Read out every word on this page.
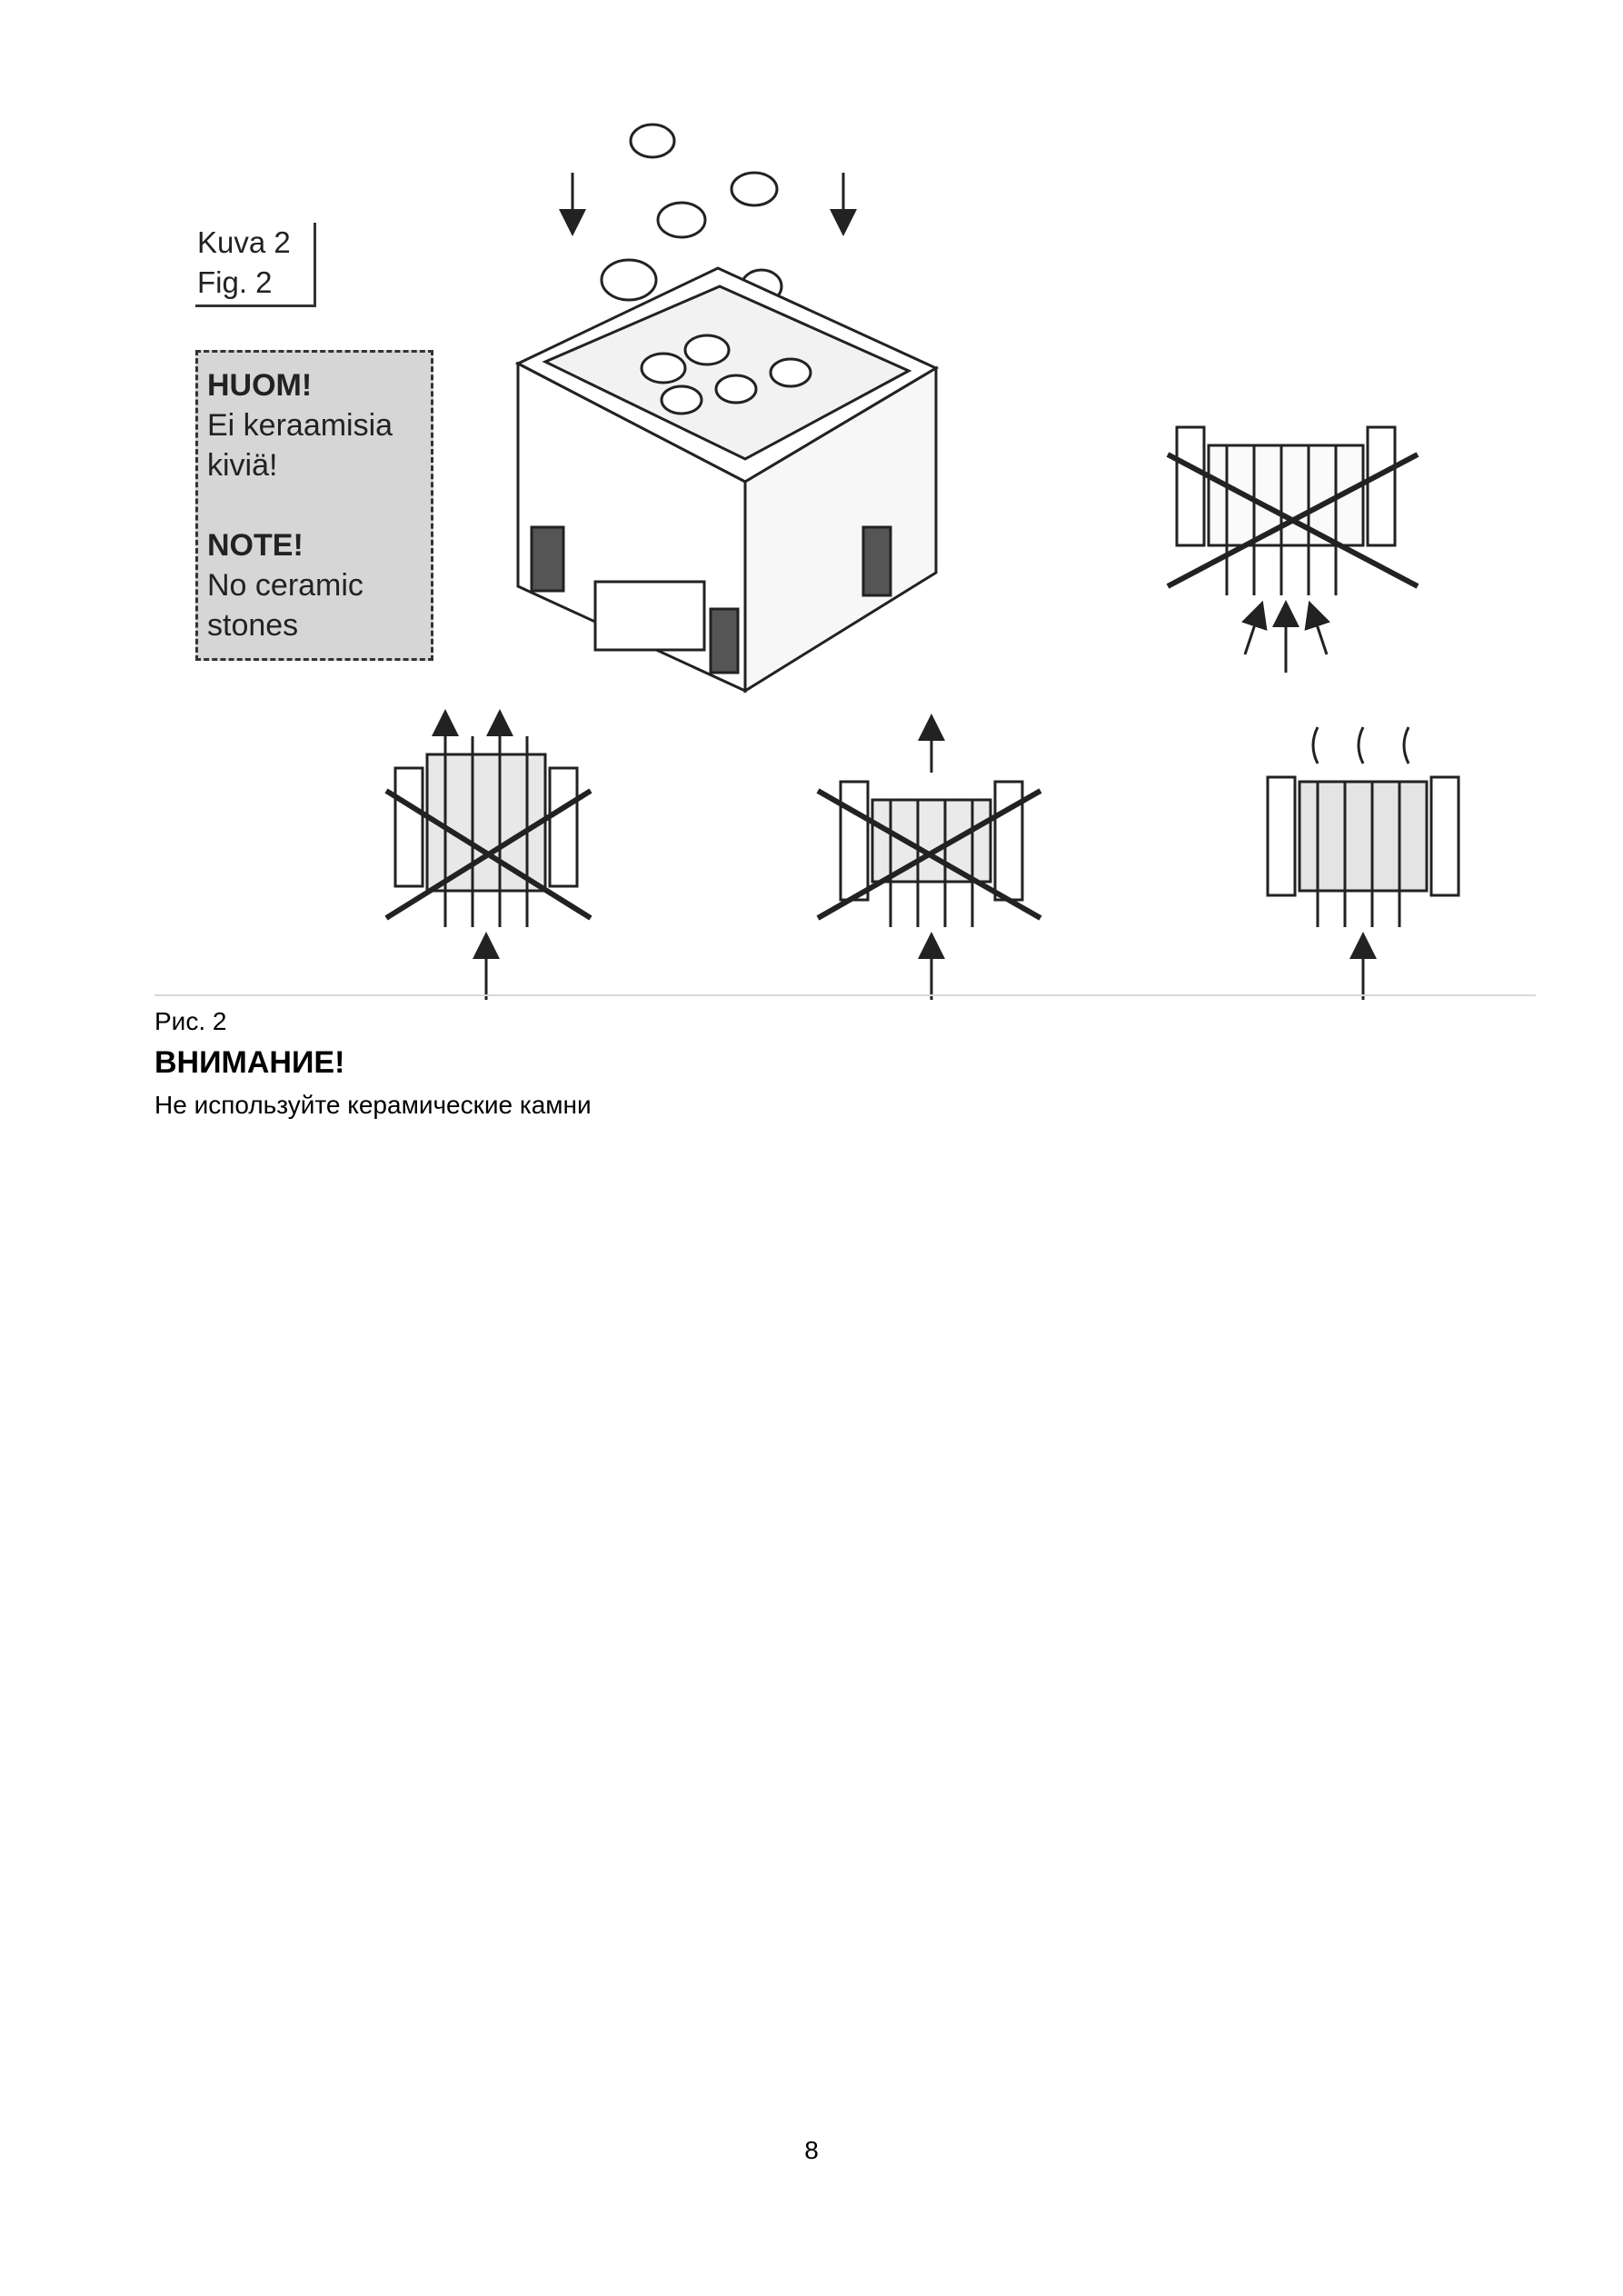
Kuva 2
Fig. 2
HUOM!
Ei keraamisia
kiviä!
NOTE!
No ceramic
stones
Рис. 2
ВНИМАНИЕ!
Не используйте керамические камни
8
